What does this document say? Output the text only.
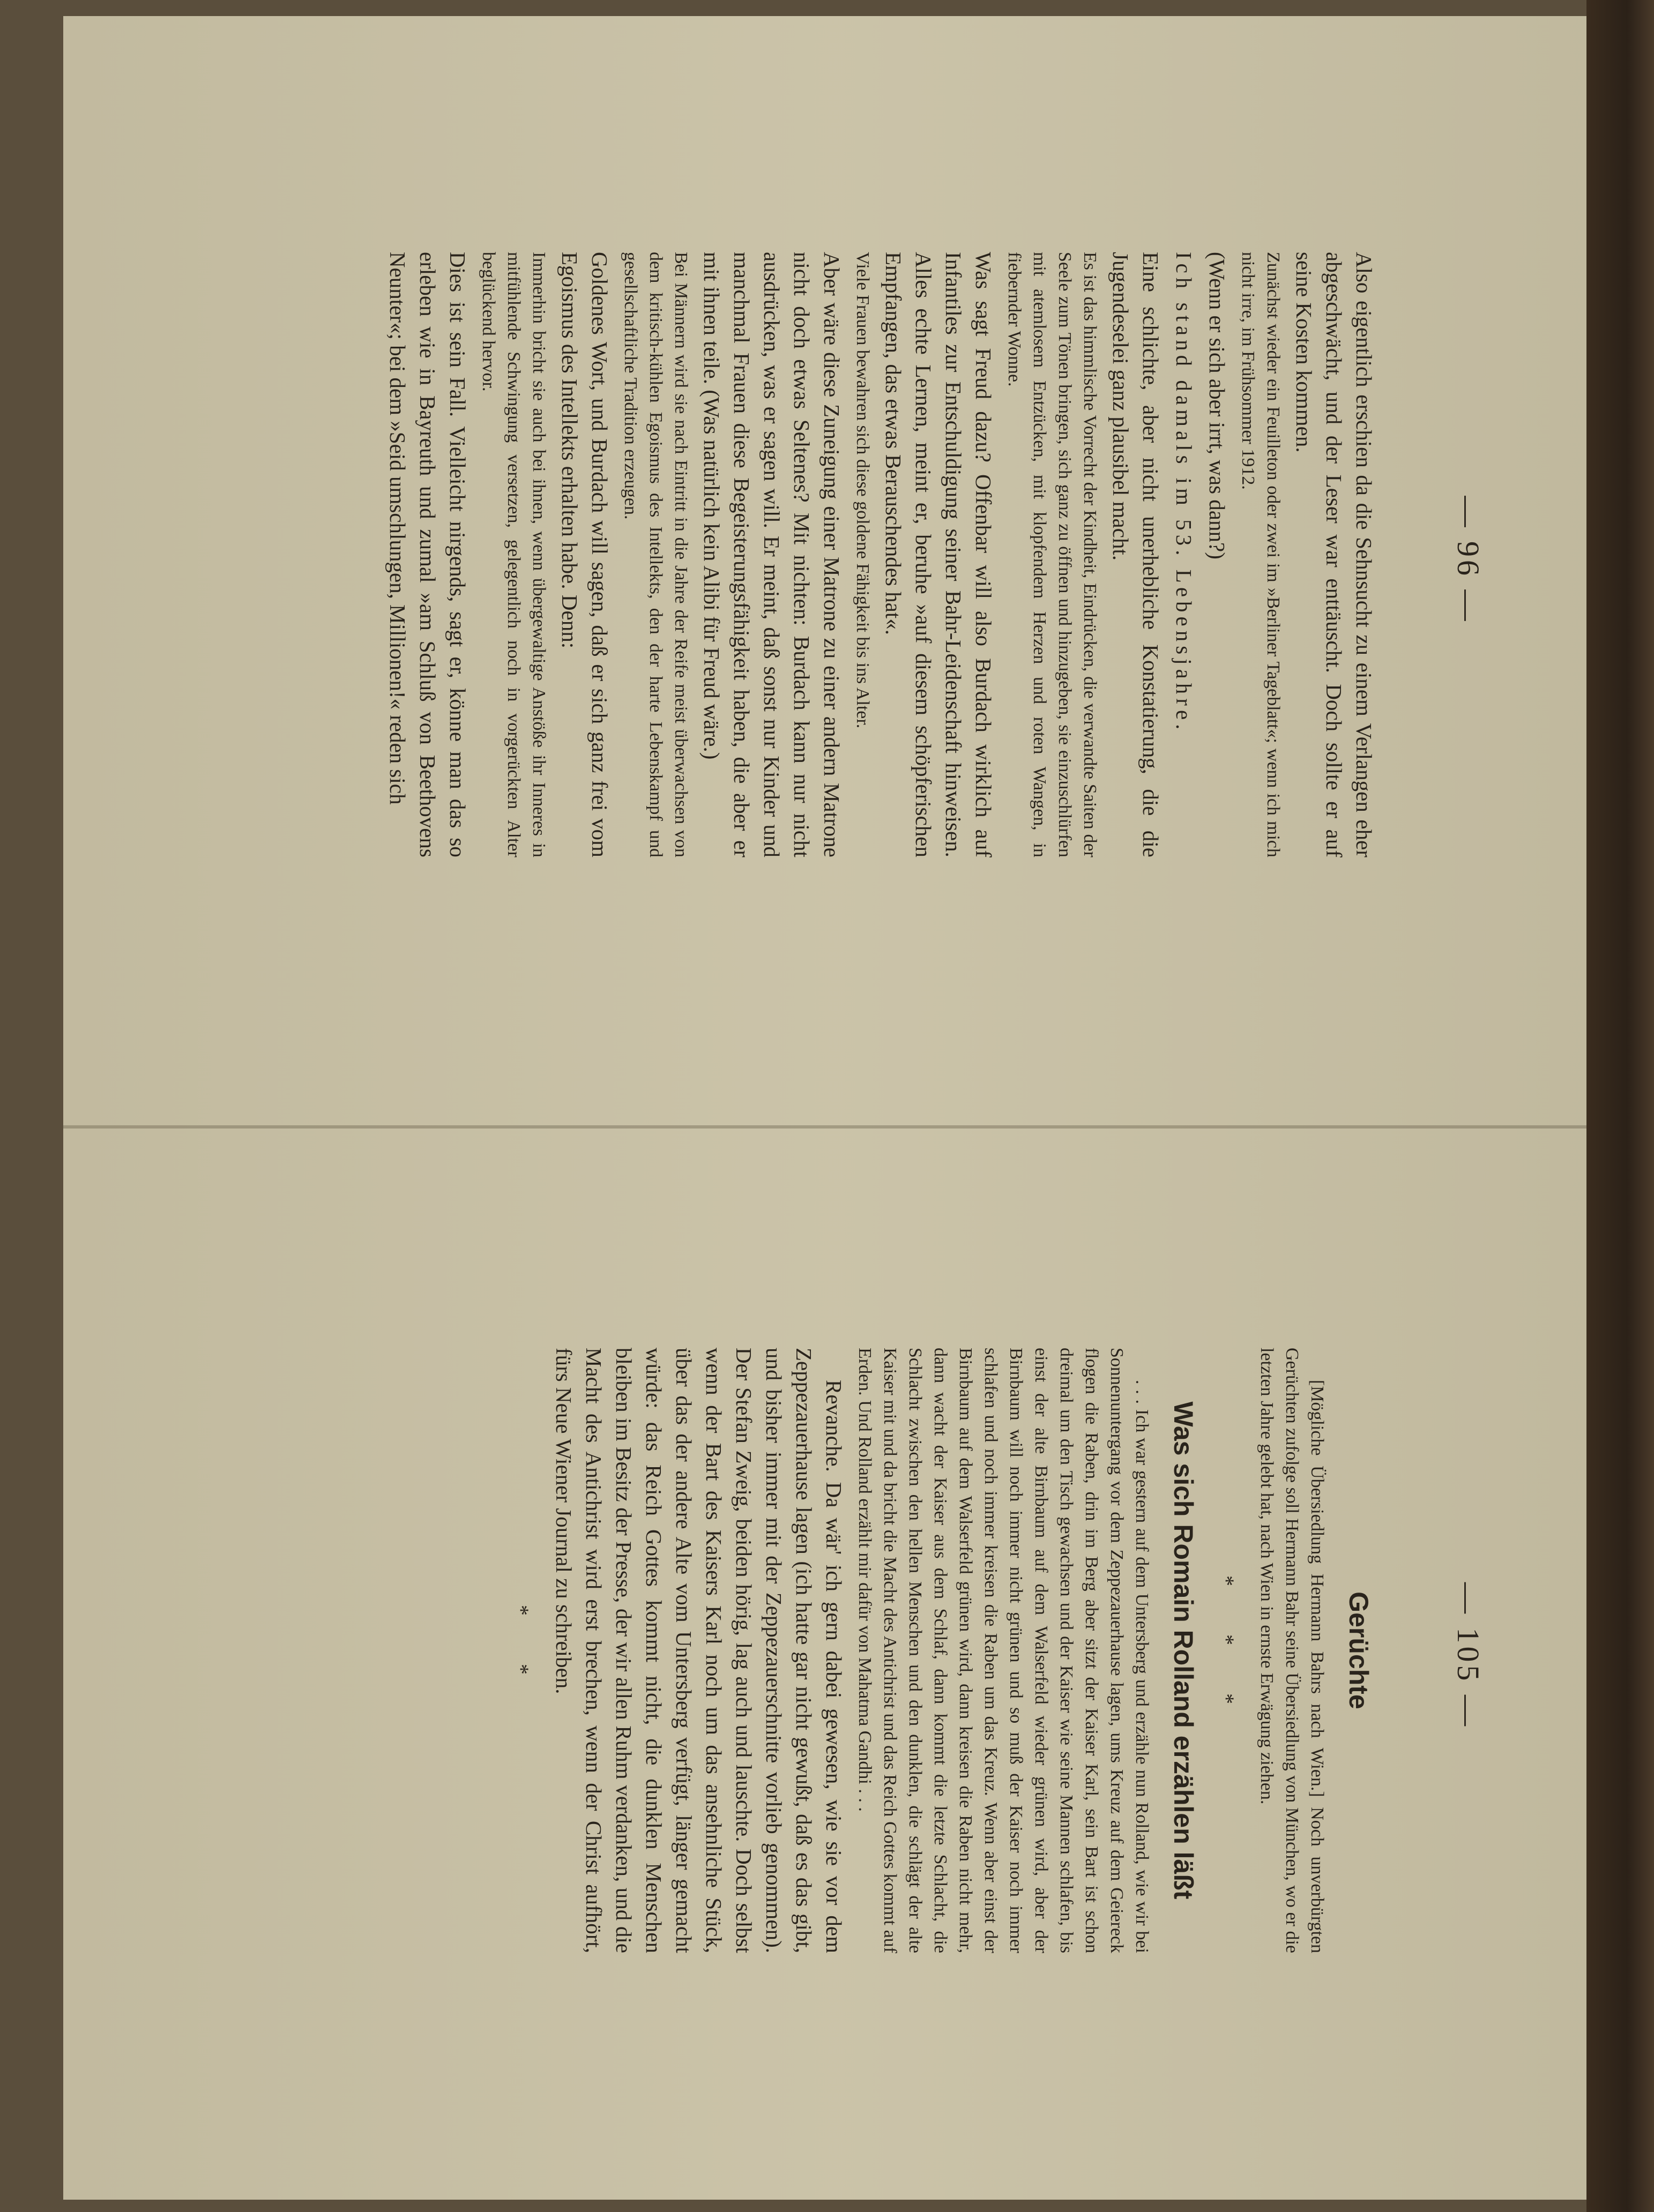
— 96 —

Also eigentlich erschien da die Sehnsucht zu einem Verlangen eher abgeschwächt, und der Leser war enttäuscht. Doch sollte er auf seine Kosten kommen.

Zunächst wieder ein Feuilleton oder zwei im »Berliner Tageblatt«; wenn ich mich nicht irre, im Frühsommer 1912.

(Wenn er sich aber irrt, was dann?)

Ich stand damals im 53. Lebensjahre.

Eine schlichte, aber nicht unerhebliche Konstatierung, die die Jugendeselei ganz plausibel macht.

Es ist das himmlische Vorrecht der Kindheit, Eindrücken, die verwandte Saiten der Seele zum Tönen bringen, sich ganz zu öffnen und hinzugeben, sie einzuschlürfen mit atemlosem Entzücken, mit klopfendem Herzen und roten Wangen, in fiebernder Wonne.

Was sagt Freud dazu? Offenbar will also Burdach wirklich auf Infantiles zur Entschuldigung seiner Bahr-Leidenschaft hinweisen. Alles echte Lernen, meint er, beruhe »auf diesem schöpferischen Empfangen, das etwas Berauschendes hat«.

Viele Frauen bewahren sich diese goldene Fähigkeit bis ins Alter.

Aber wäre diese Zuneigung einer Matrone zu einer andern Matrone nicht doch etwas Seltenes? Mit nichten: Burdach kann nur nicht ausdrücken, was er sagen will. Er meint, daß sonst nur Kinder und manchmal Frauen diese Begeisterungsfähigkeit haben, die aber er mit ihnen teile. (Was natürlich kein Alibi für Freud wäre.)

Bei Männern wird sie nach Eintritt in die Jahre der Reife meist überwachsen von dem kritisch-kühlen Egoismus des Intellekts, den der harte Lebenskampf und gesellschaftliche Tradition erzeugen.

Goldenes Wort, und Burdach will sagen, daß er sich ganz frei vom Egoismus des Intellekts erhalten habe. Denn:

Immerhin bricht sie auch bei ihnen, wenn übergewaltige Anstöße ihr Inneres in mitfühlende Schwingung versetzen, gelegentlich noch in vorgerückten Alter beglückend hervor.

Dies ist sein Fall. Vielleicht nirgends, sagt er, könne man das so erleben wie in Bayreuth und zumal »am Schluß von Beethovens Neunter«; bei dem »Seid umschlungen, Millionen!« reden sich

— 105 —
Gerüchte

[Mögliche Übersiedlung Hermann Bahrs nach Wien.] Noch unverbürgten Gerüchten zufolge soll Hermann Bahr seine Übersiedlung von München, wo er die letzten Jahre gelebt hat, nach Wien in ernste Erwägung ziehen.

* * *
Was sich Romain Rolland erzählen läßt

. . . Ich war gestern auf dem Untersberg und erzähle nun Rolland, wie wir bei Sonnenuntergang vor dem Zeppezauerhause lagen, ums Kreuz auf dem Geiereck flogen die Raben, drin im Berg aber sitzt der Kaiser Karl, sein Bart ist schon dreimal um den Tisch gewachsen und der Kaiser wie seine Mannen schlafen, bis einst der alte Birnbaum auf dem Walserfeld wieder grünen wird, aber der Birnbaum will noch immer nicht grünen und so muß der Kaiser noch immer schlafen und noch immer kreisen die Raben um das Kreuz. Wenn aber einst der Birnbaum auf dem Walserfeld grünen wird, dann kreisen die Raben nicht mehr, dann wacht der Kaiser aus dem Schlaf, dann kommt die letzte Schlacht, die Schlacht zwischen den hellen Menschen und den dunklen, die schlägt der alte Kaiser mit und da bricht die Macht des Antichrist und das Reich Gottes kommt auf Erden. Und Rolland erzählt mir dafür von Mahatma Gandhi . . .

Revanche. Da wär' ich gern dabei gewesen, wie sie vor dem Zeppezauerhause lagen (ich hatte gar nicht gewußt, daß es das gibt, und bisher immer mit der Zeppezauerschnitte vorlieb genommen). Der Stefan Zweig, beiden hörig, lag auch und lauschte. Doch selbst wenn der Bart des Kaisers Karl noch um das ansehnliche Stück, über das der andere Alte vom Untersberg verfügt, länger gemacht würde: das Reich Gottes kommt nicht, die dunklen Menschen bleiben im Besitz der Presse, der wir allen Ruhm verdanken, und die Macht des Antichrist wird erst brechen, wenn der Christ aufhört, fürs Neue Wiener Journal zu schreiben.

* *
